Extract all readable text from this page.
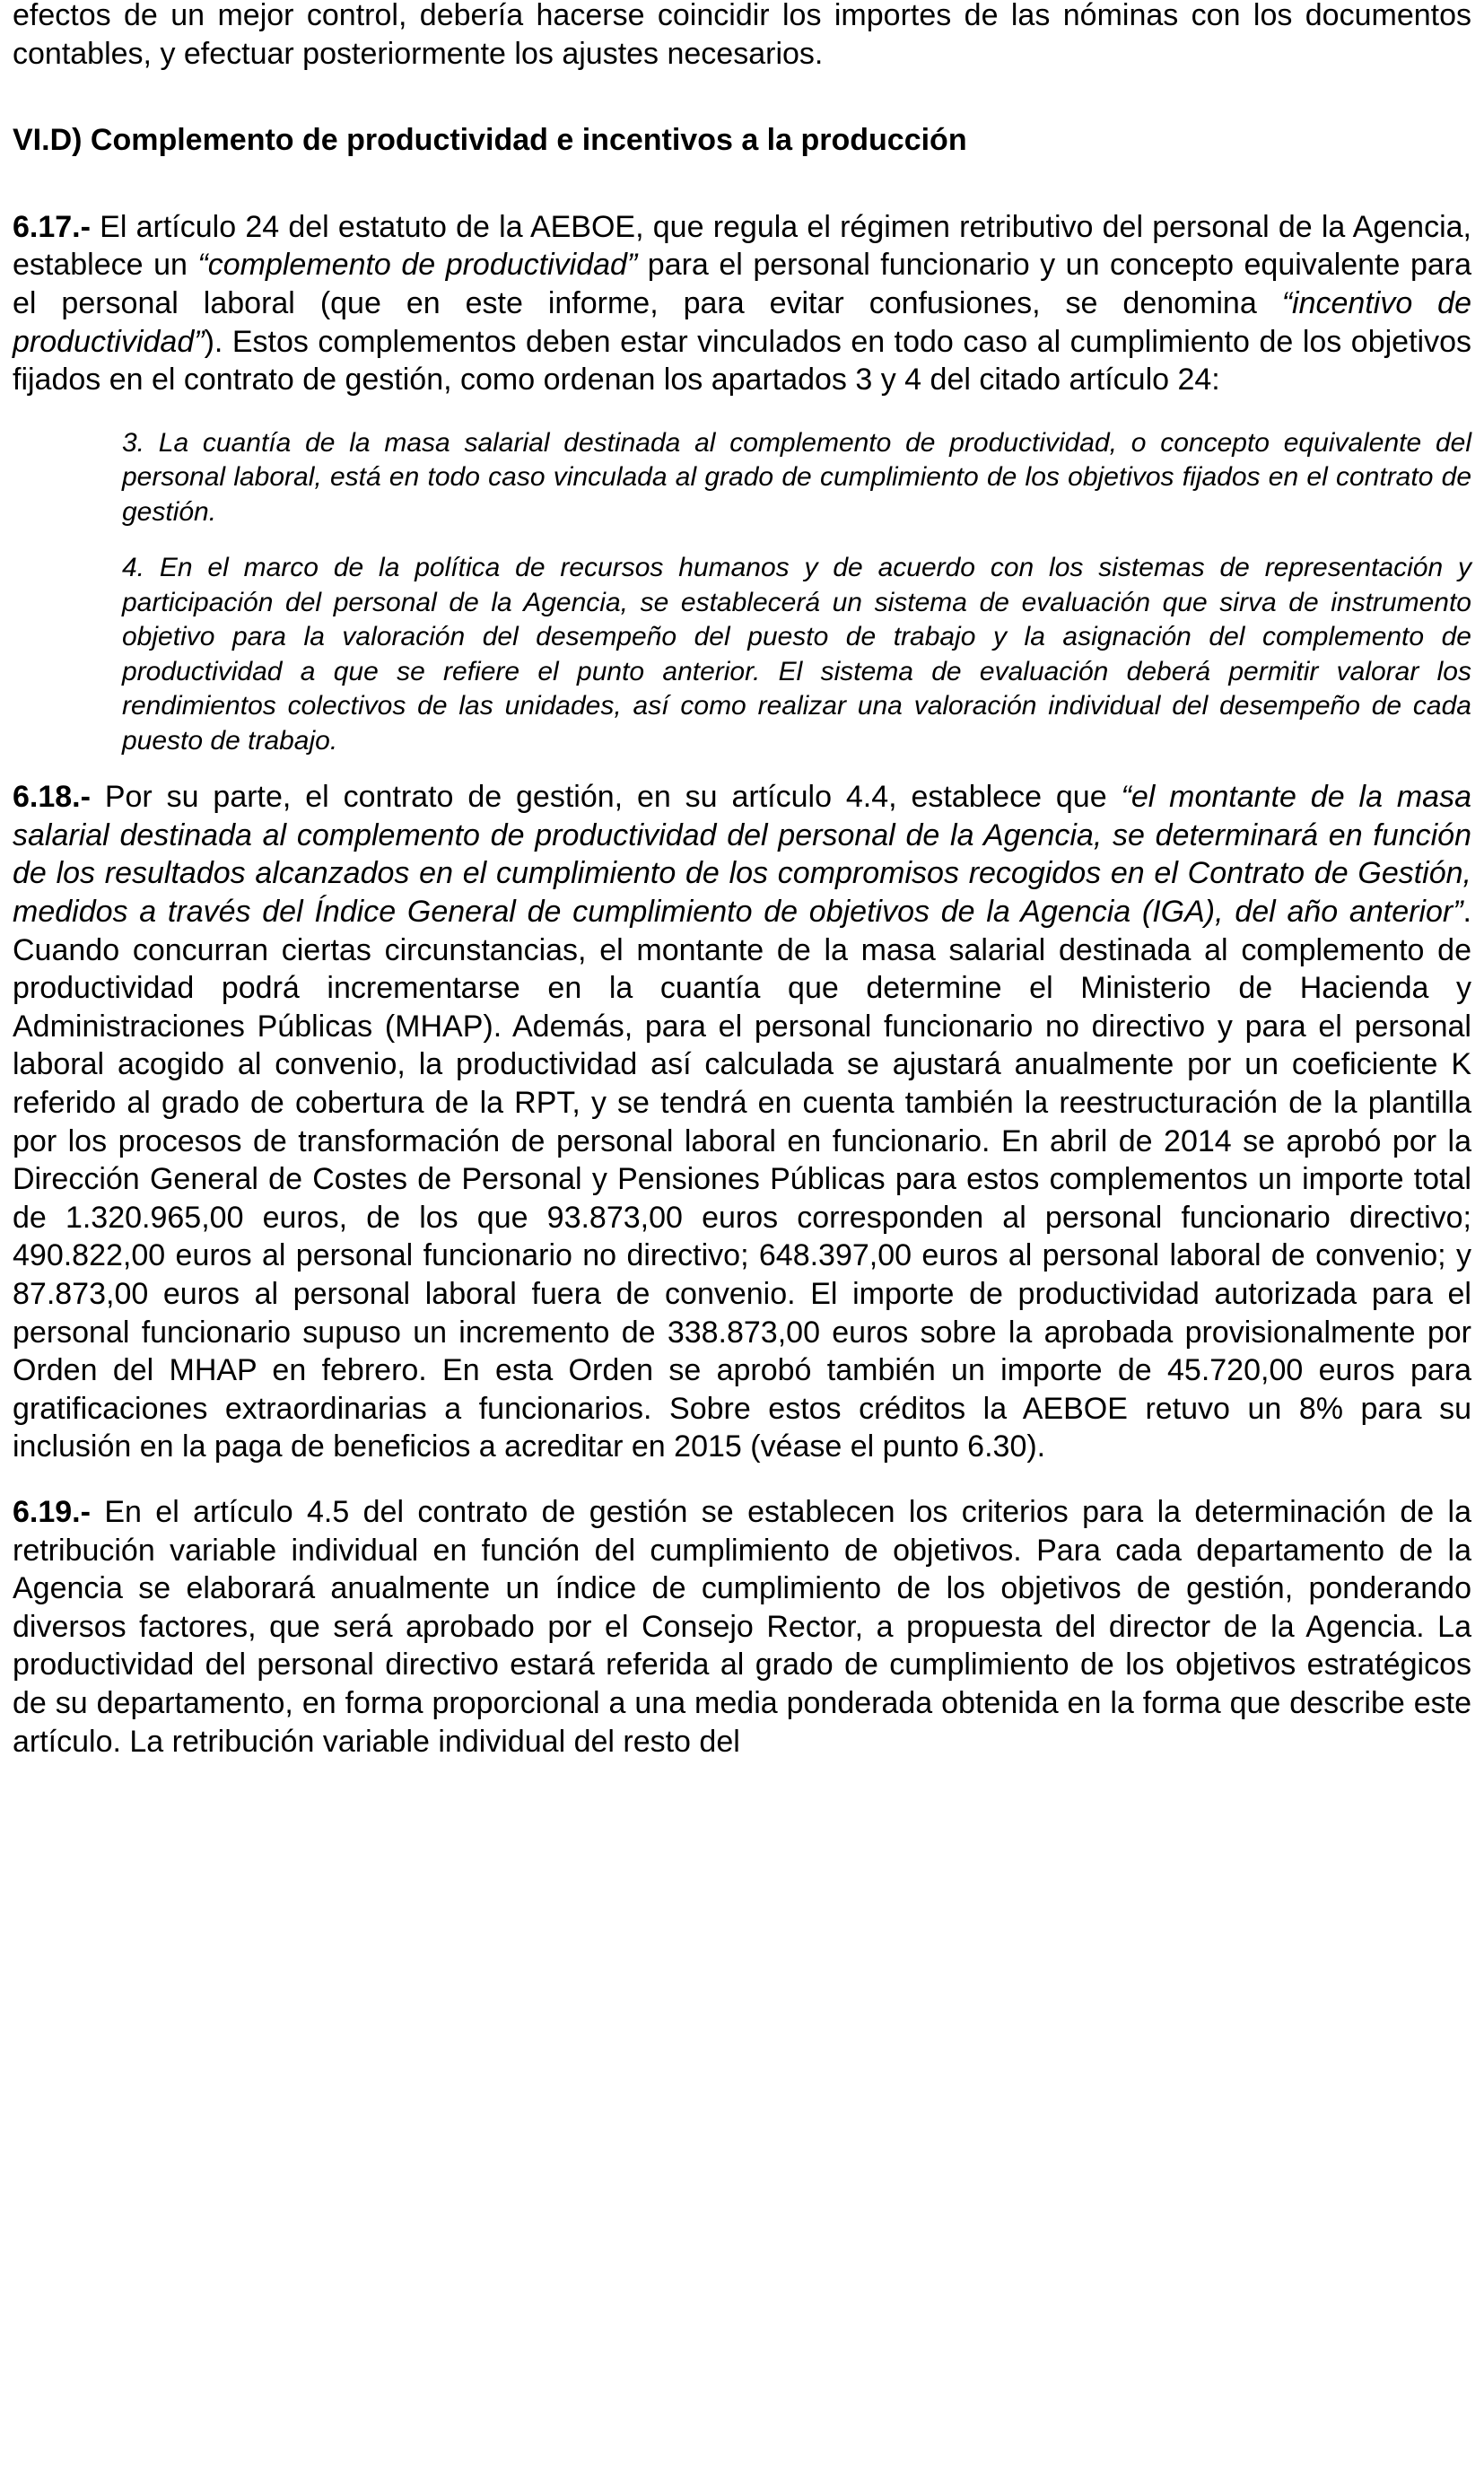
efectos de un mejor control, debería hacerse coincidir los importes de las nóminas con los documentos contables, y efectuar posteriormente los ajustes necesarios.

VI.D) Complemento de productividad e incentivos a la producción

6.17.- El artículo 24 del estatuto de la AEBOE, que regula el régimen retributivo del personal de la Agencia, establece un “complemento de productividad” para el personal funcionario y un concepto equivalente para el personal laboral (que en este informe, para evitar confusiones, se denomina “incentivo de productividad”). Estos complementos deben estar vinculados en todo caso al cumplimiento de los objetivos fijados en el contrato de gestión, como ordenan los apartados 3 y 4 del citado artículo 24:

3. La cuantía de la masa salarial destinada al complemento de productividad, o concepto equivalente del personal laboral, está en todo caso vinculada al grado de cumplimiento de los objetivos fijados en el contrato de gestión.

4. En el marco de la política de recursos humanos y de acuerdo con los sistemas de representación y participación del personal de la Agencia, se establecerá un sistema de evaluación que sirva de instrumento objetivo para la valoración del desempeño del puesto de trabajo y la asignación del complemento de productividad a que se refiere el punto anterior. El sistema de evaluación deberá permitir valorar los rendimientos colectivos de las unidades, así como realizar una valoración individual del desempeño de cada puesto de trabajo.

6.18.- Por su parte, el contrato de gestión, en su artículo 4.4, establece que “el montante de la masa salarial destinada al complemento de productividad del personal de la Agencia, se determinará en función de los resultados alcanzados en el cumplimiento de los compromisos recogidos en el Contrato de Gestión, medidos a través del Índice General de cumplimiento de objetivos de la Agencia (IGA), del año anterior”. Cuando concurran ciertas circunstancias, el montante de la masa salarial destinada al complemento de productividad podrá incrementarse en la cuantía que determine el Ministerio de Hacienda y Administraciones Públicas (MHAP). Además, para el personal funcionario no directivo y para el personal laboral acogido al convenio, la productividad así calculada se ajustará anualmente por un coeficiente K referido al grado de cobertura de la RPT, y se tendrá en cuenta también la reestructuración de la plantilla por los procesos de transformación de personal laboral en funcionario. En abril de 2014 se aprobó por la Dirección General de Costes de Personal y Pensiones Públicas para estos complementos un importe total de 1.320.965,00 euros, de los que 93.873,00 euros corresponden al personal funcionario directivo; 490.822,00 euros al personal funcionario no directivo; 648.397,00 euros al personal laboral de convenio; y 87.873,00 euros al personal laboral fuera de convenio. El importe de productividad autorizada para el personal funcionario supuso un incremento de 338.873,00 euros sobre la aprobada provisionalmente por Orden del MHAP en febrero. En esta Orden se aprobó también un importe de 45.720,00 euros para gratificaciones extraordinarias a funcionarios. Sobre estos créditos la AEBOE retuvo un 8% para su inclusión en la paga de beneficios a acreditar en 2015 (véase el punto 6.30).

6.19.- En el artículo 4.5 del contrato de gestión se establecen los criterios para la determinación de la retribución variable individual en función del cumplimiento de objetivos. Para cada departamento de la Agencia se elaborará anualmente un índice de cumplimiento de los objetivos de gestión, ponderando diversos factores, que será aprobado por el Consejo Rector, a propuesta del director de la Agencia. La productividad del personal directivo estará referida al grado de cumplimiento de los objetivos estratégicos de su departamento, en forma proporcional a una media ponderada obtenida en la forma que describe este artículo. La retribución variable individual del resto del
